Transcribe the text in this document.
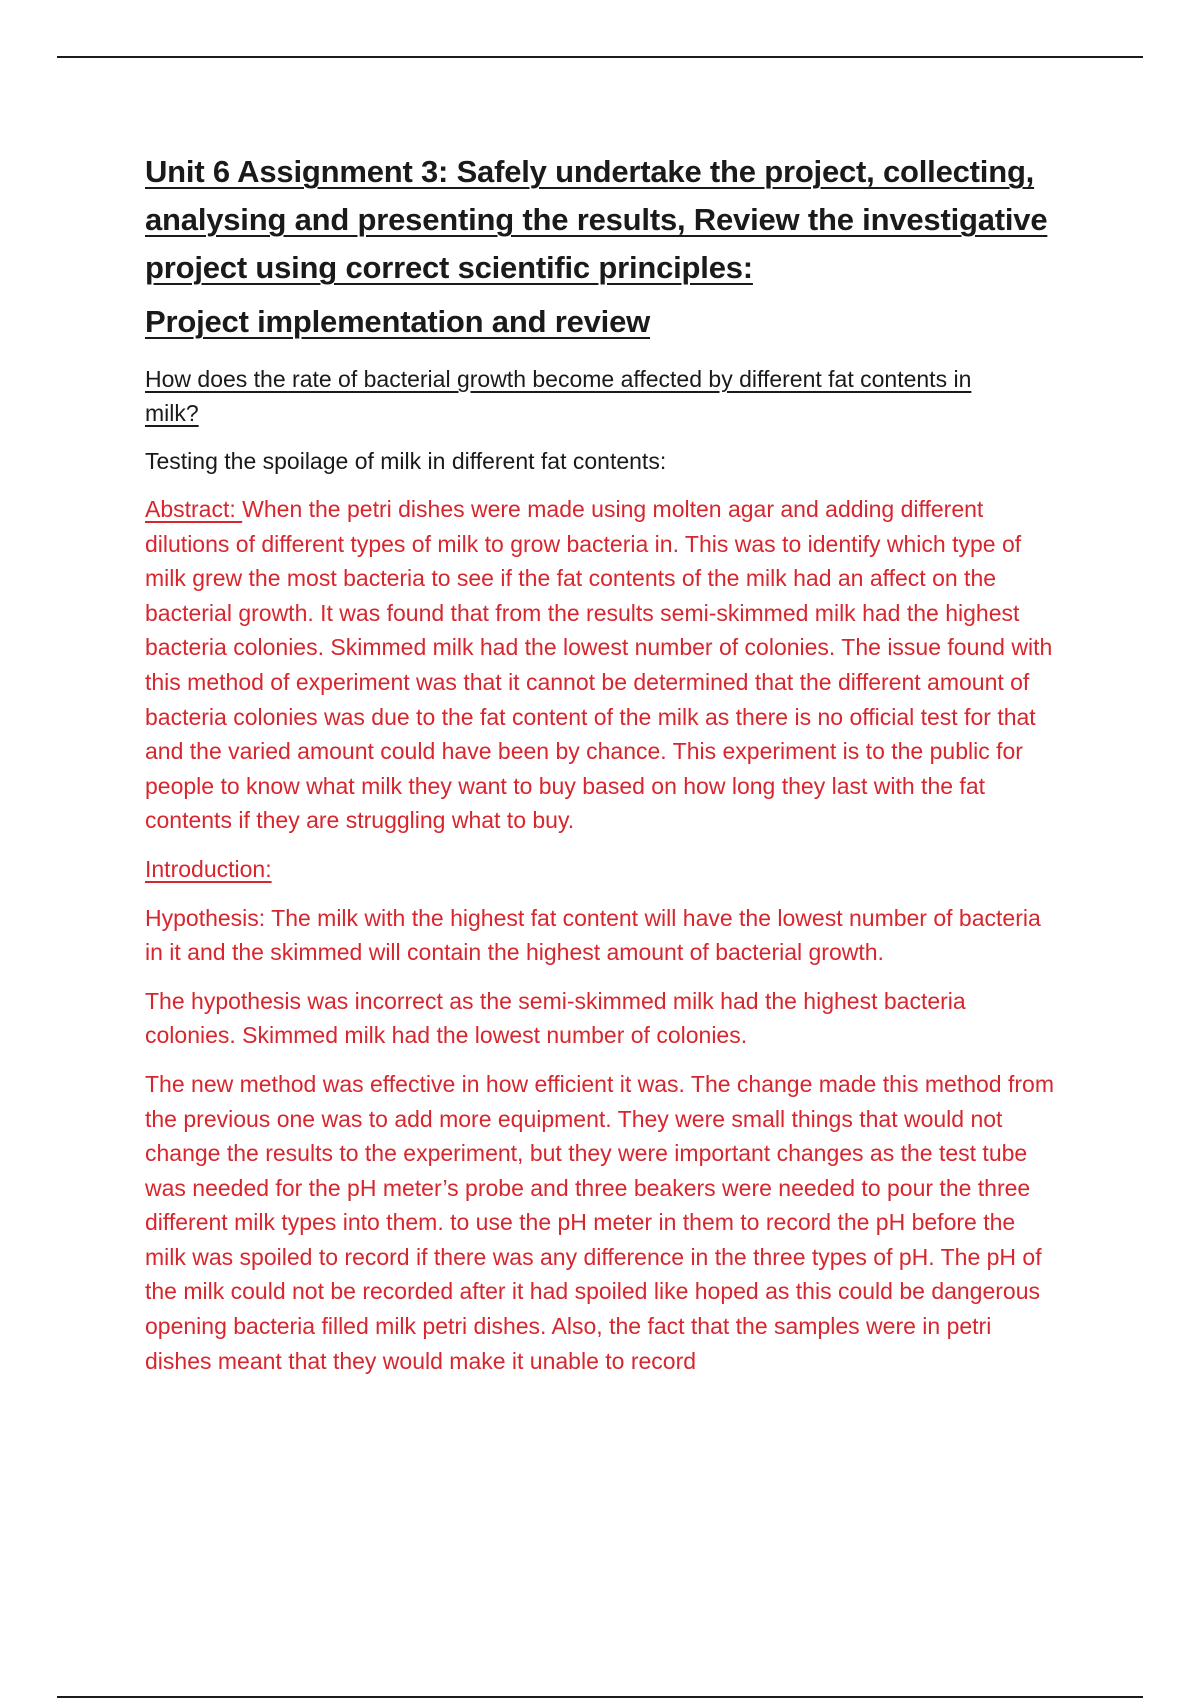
Unit 6 Assignment 3: Safely undertake the project, collecting, analysing and presenting the results, Review the investigative project using correct scientific principles:
Project implementation and review

How does the rate of bacterial growth become affected by different fat contents in milk?

Testing the spoilage of milk in different fat contents:

Abstract: When the petri dishes were made using molten agar and adding different dilutions of different types of milk to grow bacteria in. This was to identify which type of milk grew the most bacteria to see if the fat contents of the milk had an affect on the bacterial growth. It was found that from the results semi-skimmed milk had the highest bacteria colonies. Skimmed milk had the lowest number of colonies. The issue found with this method of experiment was that it cannot be determined that the different amount of bacteria colonies was due to the fat content of the milk as there is no official test for that and the varied amount could have been by chance. This experiment is to the public for people to know what milk they want to buy based on how long they last with the fat contents if they are struggling what to buy.

Introduction:

Hypothesis: The milk with the highest fat content will have the lowest number of bacteria in it and the skimmed will contain the highest amount of bacterial growth.

The hypothesis was incorrect as the semi-skimmed milk had the highest bacteria colonies. Skimmed milk had the lowest number of colonies.

The new method was effective in how efficient it was. The change made this method from the previous one was to add more equipment. They were small things that would not change the results to the experiment, but they were important changes as the test tube was needed for the pH meter’s probe and three beakers were needed to pour the three different milk types into them. to use the pH meter in them to record the pH before the milk was spoiled to record if there was any difference in the three types of pH. The pH of the milk could not be recorded after it had spoiled like hoped as this could be dangerous opening bacteria filled milk petri dishes. Also, the fact that the samples were in petri dishes meant that they would make it unable to record
